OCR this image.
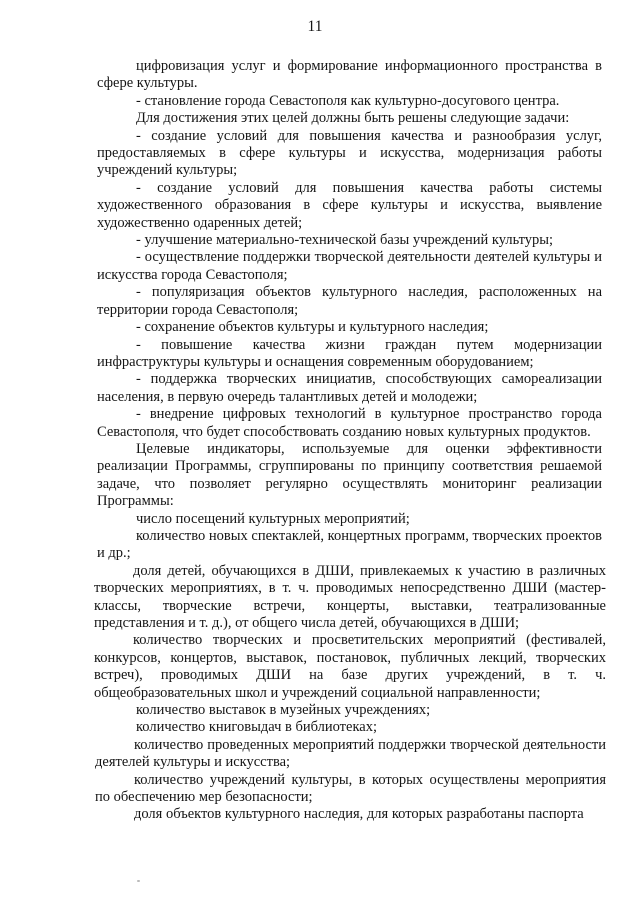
11

цифровизация услуг и формирование информационного пространства в сфере культуры.

- становление города Севастополя как культурно-досугового центра.

Для достижения этих целей должны быть решены следующие задачи:

- создание условий для повышения качества и разнообразия услуг, предоставляемых в сфере культуры и искусства, модернизация работы учреждений культуры;

- создание условий для повышения качества работы системы художественного образования в сфере культуры и искусства, выявление художественно одаренных детей;

- улучшение материально-технической базы учреждений культуры;

- осуществление поддержки творческой деятельности деятелей культуры и искусства города Севастополя;

- популяризация объектов культурного наследия, расположенных на территории города Севастополя;

- сохранение объектов культуры и культурного наследия;

- повышение качества жизни граждан путем модернизации инфраструктуры культуры и оснащения современным оборудованием;

- поддержка творческих инициатив, способствующих самореализации населения, в первую очередь талантливых детей и молодежи;

- внедрение цифровых технологий в культурное пространство города Севастополя, что будет способствовать созданию новых культурных продуктов.

Целевые индикаторы, используемые для оценки эффективности реализации Программы, сгруппированы по принципу соответствия решаемой задаче, что позволяет регулярно осуществлять мониторинг реализации Программы:

число посещений культурных мероприятий;

количество новых спектаклей, концертных программ, творческих проектов и др.;

доля детей, обучающихся в ДШИ, привлекаемых к участию в различных творческих мероприятиях, в т. ч. проводимых непосредственно ДШИ (мастер-классы, творческие встречи, концерты, выставки, театрализованные представления и т. д.), от общего числа детей, обучающихся в ДШИ;

количество творческих и просветительских мероприятий (фестивалей, конкурсов, концертов, выставок, постановок, публичных лекций, творческих встреч), проводимых ДШИ на базе других учреждений, в т. ч. общеобразовательных школ и учреждений социальной направленности;

количество выставок в музейных учреждениях;

количество книговыдач в библиотеках;

количество проведенных мероприятий поддержки творческой деятельности деятелей культуры и искусства;

количество учреждений культуры, в которых осуществлены мероприятия по обеспечению мер безопасности;

доля объектов культурного наследия, для которых разработаны паспорта
